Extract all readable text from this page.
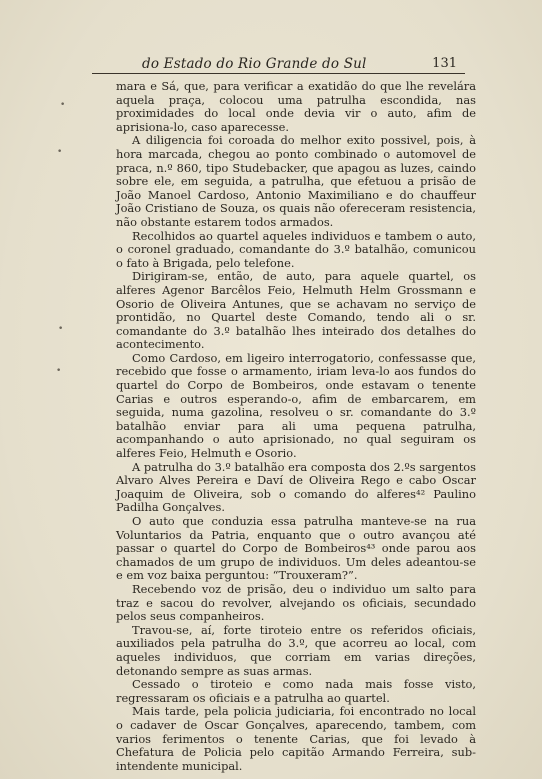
do Estado do Rio Grande do Sul	131
•
•
•
•

mara e Sá, que, para verificar a exatidão do que lhe revelára aquela praça, colocou uma patrulha escondida, nas proximidades do local onde devia vir o auto, afim de aprisiona-lo, caso aparecesse.

A diligencia foi coroada do melhor exito possivel, pois, à hora marcada, chegou ao ponto combinado o automovel de praca, n.º 860, tipo Studebacker, que apagou as luzes, caindo sobre ele, em seguida, a patrulha, que efetuou a prisão de João Manoel Cardoso, Antonio Maximiliano e do chauffeur João Cristiano de Souza, os quais não ofereceram resistencia, não obstante estarem todos armados.

Recolhidos ao quartel aqueles individuos e tambem o auto, o coronel graduado, comandante do 3.º batalhão, comunicou o fato à Brigada, pelo telefone.

Dirigiram-se, então, de auto, para aquele quartel, os alferes Agenor Barcêlos Feio, Helmuth Helm Grossmann e Osorio de Oliveira Antunes, que se achavam no serviço de prontidão, no Quartel deste Comando, tendo ali o sr. comandante do 3.º batalhão lhes inteirado dos detalhes do acontecimento.

Como Cardoso, em ligeiro interrogatorio, confessasse que, recebido que fosse o armamento, iriam leva-lo aos fundos do quartel do Corpo de Bombeiros, onde estavam o tenente Carias e outros esperando-o, afim de embarcarem, em seguida, numa gazolina, resolveu o sr. comandante do 3.º batalhão enviar para ali uma pequena patrulha, acompanhando o auto aprisionado, no qual seguiram os alferes Feio, Helmuth e Osorio.

A patrulha do 3.º batalhão era composta dos 2.ºs sargentos Alvaro Alves Pereira e Daví de Oliveira Rego e cabo Oscar Joaquim de Oliveira, sob o comando do alferes⁴² Paulino Padilha Gonçalves.

O auto que conduzia essa patrulha manteve-se na rua Voluntarios da Patria, enquanto que o outro avançou até passar o quartel do Corpo de Bombeiros⁴³ onde parou aos chamados de um grupo de individuos. Um deles adeantou-se e em voz baixa perguntou: “Trouxeram?”.

Recebendo voz de prisão, deu o individuo um salto para traz e sacou do revolver, alvejando os oficiais, secundado pelos seus companheiros.

Travou-se, aí, forte tiroteio entre os referidos oficiais, auxiliados pela patrulha do 3.º, que acorreu ao local, com aqueles individuos, que corriam em varias direções, detonando sempre as suas armas.

Cessado o tiroteio e como nada mais fosse visto, regressaram os oficiais e a patrulha ao quartel.

Mais tarde, pela policia judiciaria, foi encontrado no local o cadaver de Oscar Gonçalves, aparecendo, tambem, com varios ferimentos o tenente Carias, que foi levado à Chefatura de Policia pelo capitão Armando Ferreira, sub-intendente municipal.
